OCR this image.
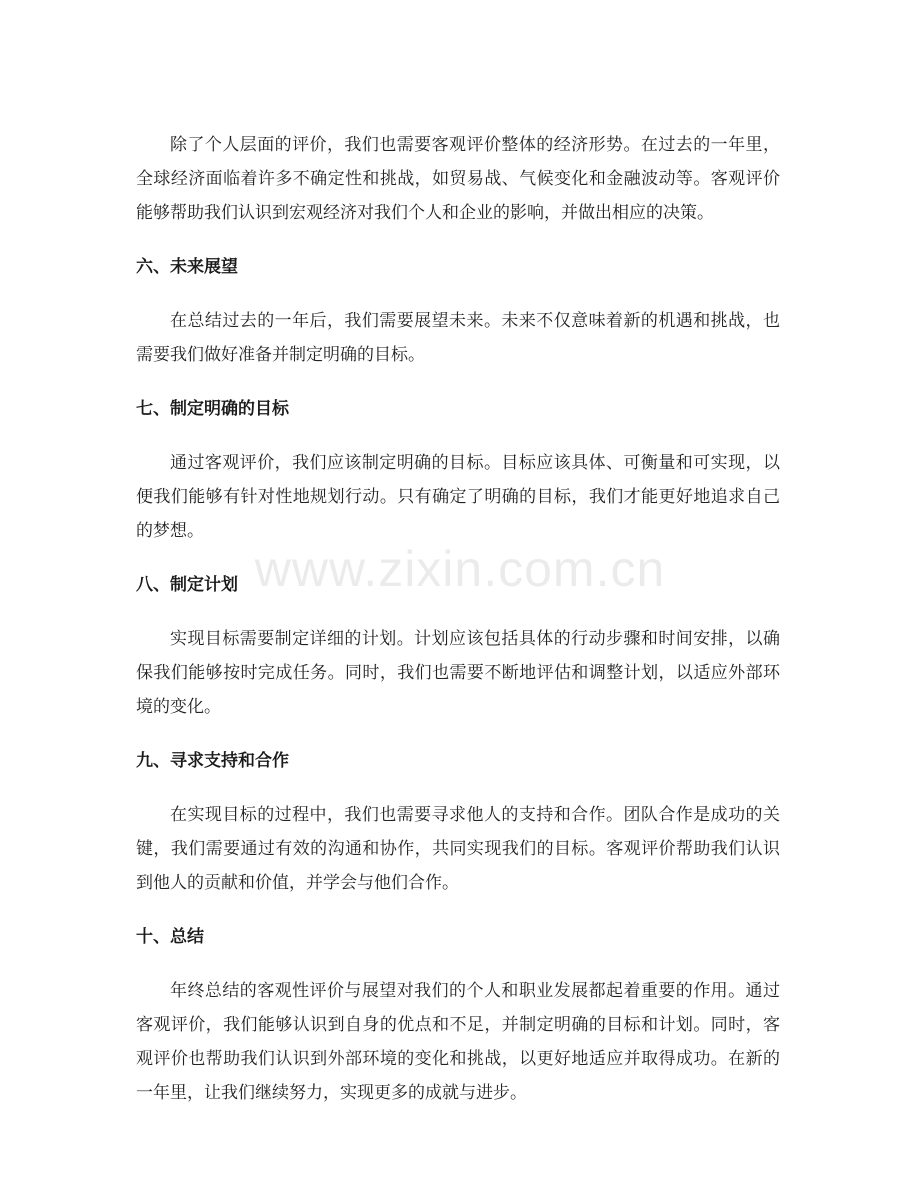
www.zixin.com.cn

除了个人层面的评价，我们也需要客观评价整体的经济形势。在过去的一年里，全球经济面临着许多不确定性和挑战，如贸易战、气候变化和金融波动等。客观评价能够帮助我们认识到宏观经济对我们个人和企业的影响，并做出相应的决策。

六、未来展望

在总结过去的一年后，我们需要展望未来。未来不仅意味着新的机遇和挑战，也需要我们做好准备并制定明确的目标。

七、制定明确的目标

通过客观评价，我们应该制定明确的目标。目标应该具体、可衡量和可实现，以便我们能够有针对性地规划行动。只有确定了明确的目标，我们才能更好地追求自己的梦想。

八、制定计划

实现目标需要制定详细的计划。计划应该包括具体的行动步骤和时间安排，以确保我们能够按时完成任务。同时，我们也需要不断地评估和调整计划，以适应外部环境的变化。

九、寻求支持和合作

在实现目标的过程中，我们也需要寻求他人的支持和合作。团队合作是成功的关键，我们需要通过有效的沟通和协作，共同实现我们的目标。客观评价帮助我们认识到他人的贡献和价值，并学会与他们合作。

十、总结

年终总结的客观性评价与展望对我们的个人和职业发展都起着重要的作用。通过客观评价，我们能够认识到自身的优点和不足，并制定明确的目标和计划。同时，客观评价也帮助我们认识到外部环境的变化和挑战，以更好地适应并取得成功。在新的一年里，让我们继续努力，实现更多的成就与进步。
